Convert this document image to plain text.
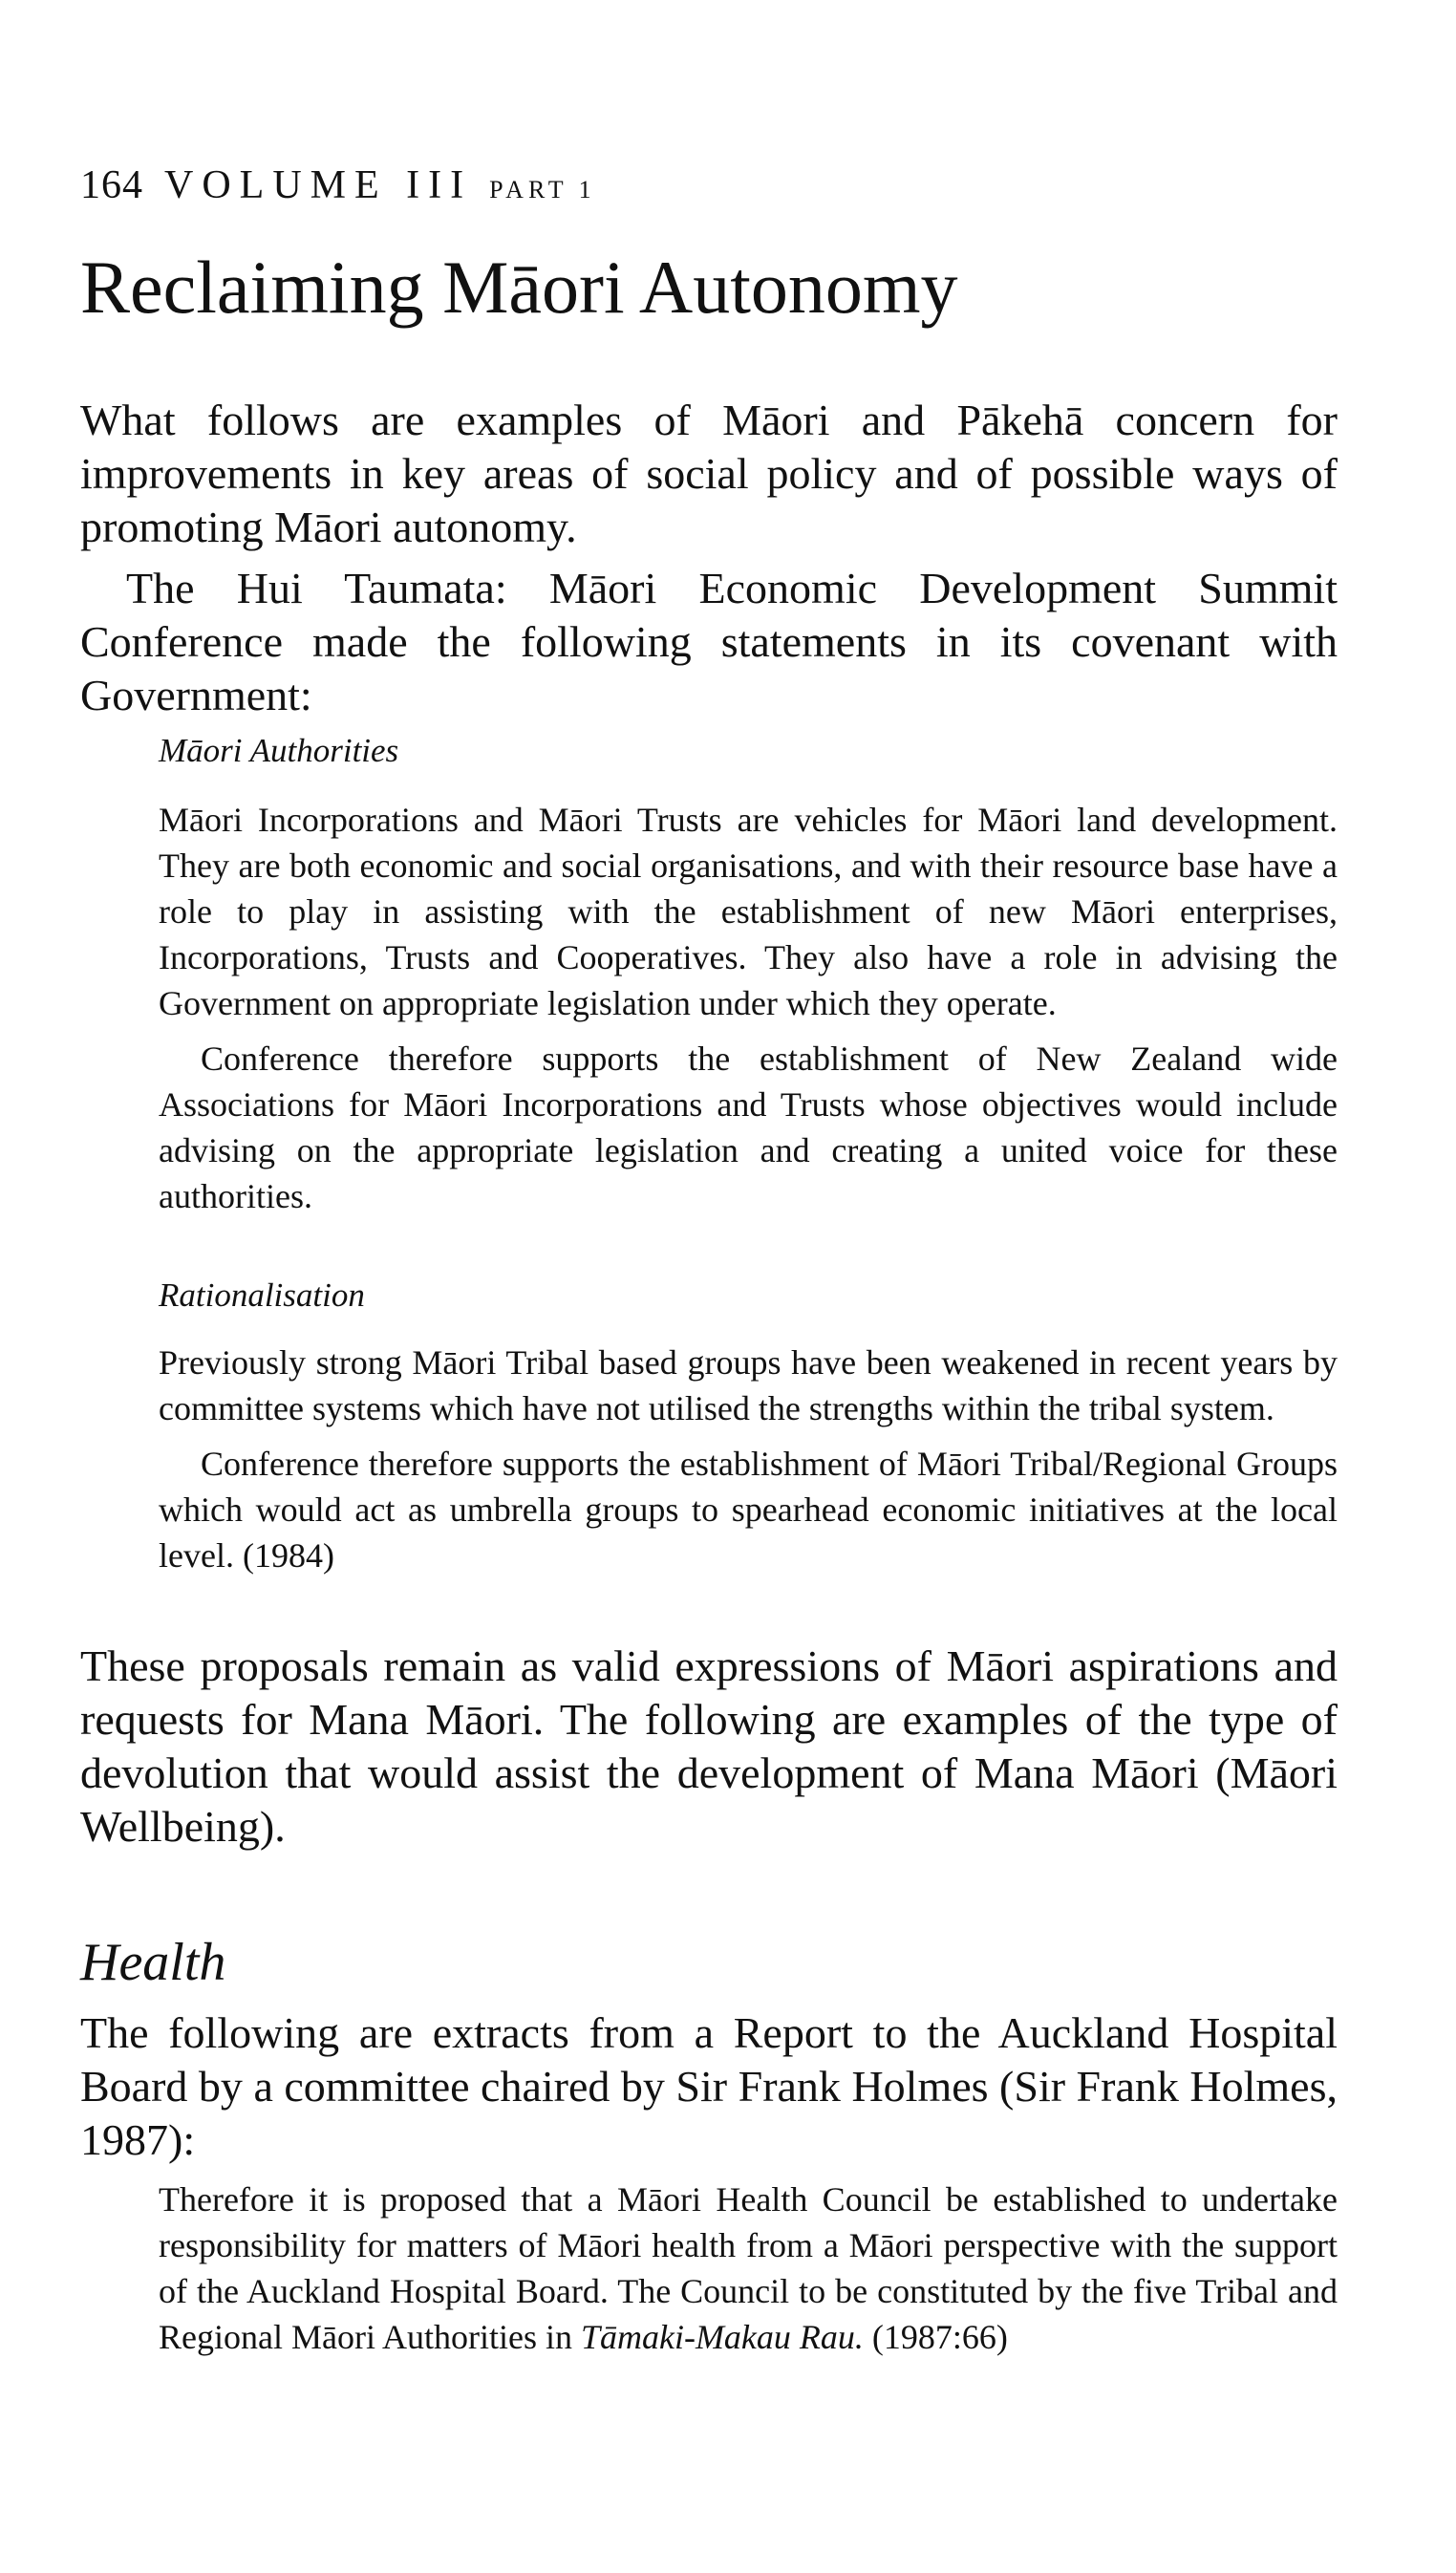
164 VOLUME III PART 1
Reclaiming Māori Autonomy

What follows are examples of Māori and Pākehā concern for improvements in key areas of social policy and of possible ways of promoting Māori autonomy.

The Hui Taumata: Māori Economic Development Summit Conference made the following statements in its covenant with Government:

Māori Authorities

Māori Incorporations and Māori Trusts are vehicles for Māori land development. They are both economic and social organisations, and with their resource base have a role to play in assisting with the establishment of new Māori enterprises, Incorporations, Trusts and Cooperatives. They also have a role in advising the Government on appropriate legislation under which they operate.

Conference therefore supports the establishment of New Zealand wide Associations for Māori Incorporations and Trusts whose objectives would include advising on the appropriate legislation and creating a united voice for these authorities.

Rationalisation

Previously strong Māori Tribal based groups have been weakened in recent years by committee systems which have not utilised the strengths within the tribal system.

Conference therefore supports the establishment of Māori Tribal/Regional Groups which would act as umbrella groups to spearhead economic initiatives at the local level. (1984)

These proposals remain as valid expressions of Māori aspirations and requests for Mana Māori. The following are examples of the type of devolution that would assist the development of Mana Māori (Māori Wellbeing).

Health

The following are extracts from a Report to the Auckland Hospital Board by a committee chaired by Sir Frank Holmes (Sir Frank Holmes, 1987):

Therefore it is proposed that a Māori Health Council be established to undertake responsibility for matters of Māori health from a Māori perspective with the support of the Auckland Hospital Board. The Council to be constituted by the five Tribal and Regional Māori Authorities in Tāmaki-Makau Rau. (1987:66)
